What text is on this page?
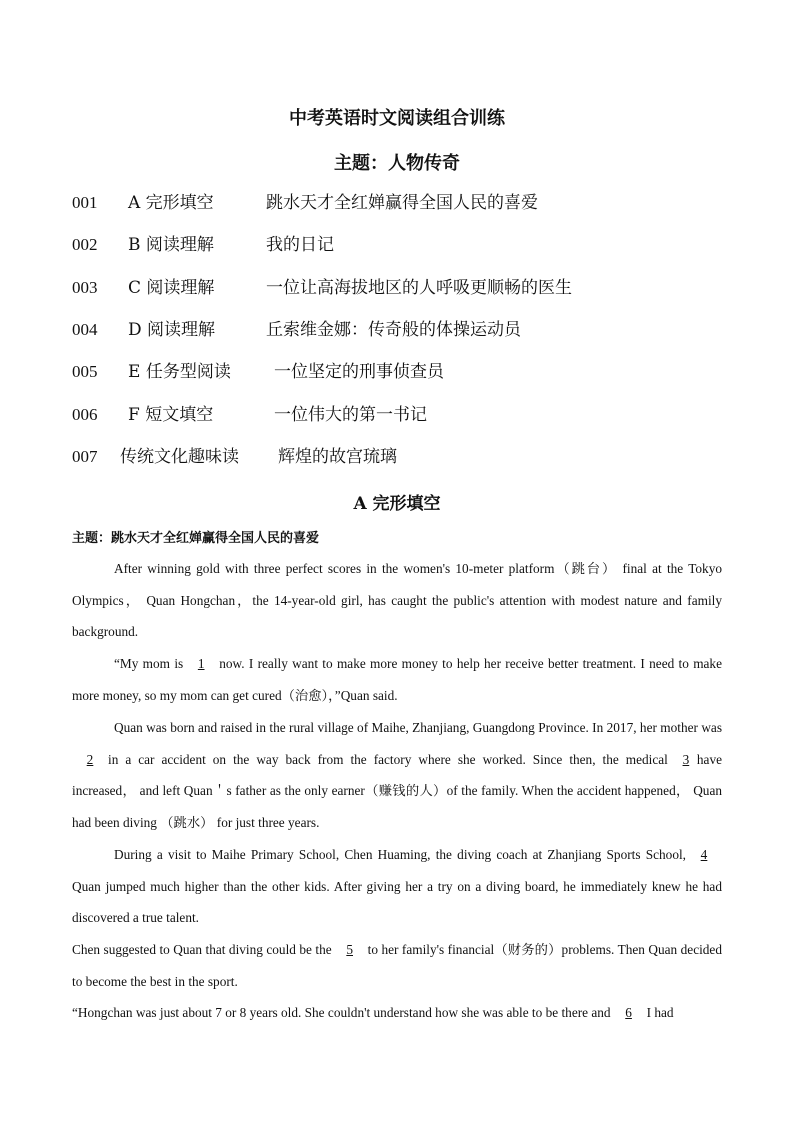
中考英语时文阅读组合训练
主题：人物传奇
001 A 完形填空	跳水天才全红婵赢得全国人民的喜爱
002 B 阅读理解	我的日记
003 C 阅读理解	一位让高海拔地区的人呼吸更顺畅的医生
004 D 阅读理解	丘索维金娜：传奇般的体操运动员
005 E 任务型阅读	一位坚定的刑事侦查员
006 F 短文填空	一位伟大的第一书记
007 传统文化趣味读 辉煌的故宫琉璃
A 完形填空
主题：跳水天才全红婵赢得全国人民的喜爱
After winning gold with three perfect scores in the women's 10-meter platform（跳台） final at the Tokyo Olympics， Quan Hongchan，the 14-year-old girl, has caught the public's attention with modest nature and family background.
“My mom is 1 now. I really want to make more money to help her receive better treatment. I need to make more money, so my mom can get cured（治愈），”Quan said.
Quan was born and raised in the rural village of Maihe, Zhanjiang, Guangdong Province. In 2017, her mother was2 in a car accident on the way back from the factory where she worked. Since then, the medical 3 have increased， and left Quan＇s father as the only earner（赚钱的人）of the family. When the accident happened， Quan had been diving （跳水） for just three years.
During a visit to Maihe Primary School, Chen Huaming, the diving coach at Zhanjiang Sports School, 4 Quan jumped much higher than the other kids. After giving her a try on a diving board, he immediately knew he had discovered a true talent.
Chen suggested to Quan that diving could be the 5 to her family's financial（财务的）problems. Then Quan decided to become the best in the sport.
“Hongchan was just about 7 or 8 years old. She couldn't understand how she was able to be there and 6 I had
